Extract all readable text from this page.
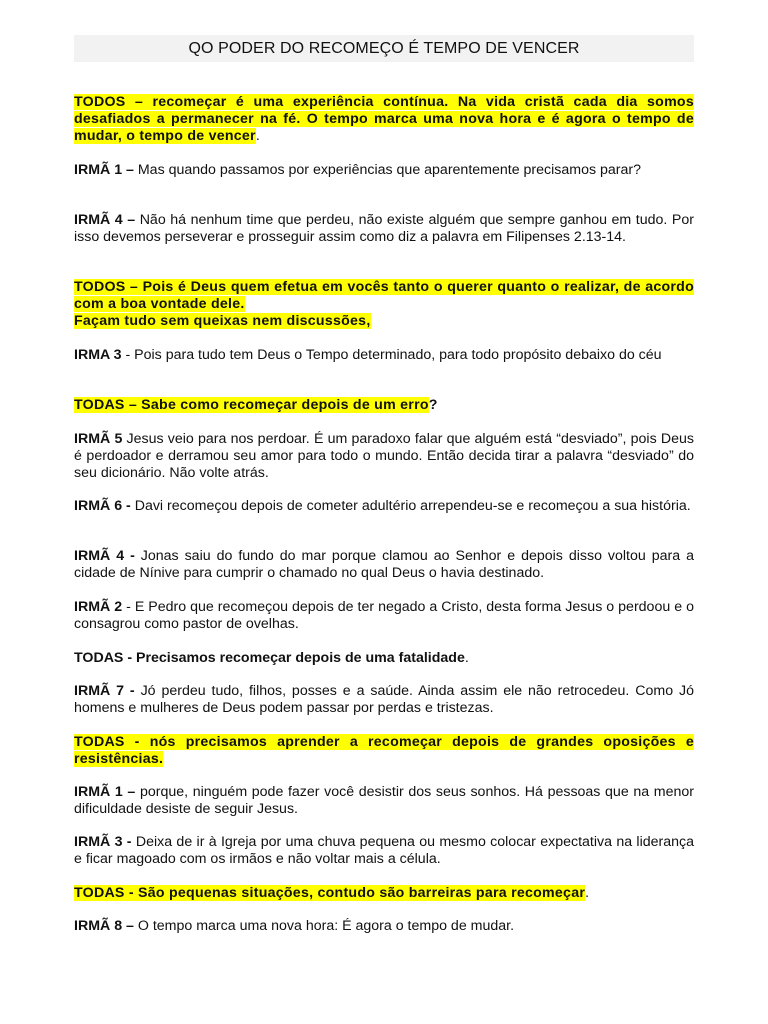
QO PODER DO RECOMEÇO É TEMPO DE VENCER

TODOS – recomeçar é uma experiência contínua. Na vida cristã cada dia somos desafiados a permanecer na fé. O tempo marca uma nova hora e é agora o tempo de mudar, o tempo de vencer.

IRMÃ 1 – Mas quando passamos por experiências que aparentemente precisamos parar?

IRMÃ 4 – Não há nenhum time que perdeu, não existe alguém que sempre ganhou em tudo. Por isso devemos perseverar e prosseguir assim como diz a palavra em Filipenses 2.13-14.

TODOS – Pois é Deus quem efetua em vocês tanto o querer quanto o realizar, de acordo com a boa vontade dele.
Façam tudo sem queixas nem discussões,

IRMA 3 - Pois para tudo tem Deus o Tempo determinado, para todo propósito debaixo do céu

TODAS – Sabe como recomeçar depois de um erro?

IRMÃ 5 Jesus veio para nos perdoar. É um paradoxo falar que alguém está “desviado”, pois Deus é perdoador e derramou seu amor para todo o mundo. Então decida tirar a palavra “desviado” do seu dicionário. Não volte atrás.

IRMÃ 6 - Davi recomeçou depois de cometer adultério arrependeu-se e recomeçou a sua história.

IRMÃ 4 - Jonas saiu do fundo do mar porque clamou ao Senhor e depois disso voltou para a cidade de Nínive para cumprir o chamado no qual Deus o havia destinado.

IRMÃ 2 - E Pedro que recomeçou depois de ter negado a Cristo, desta forma Jesus o perdoou e o consagrou como pastor de ovelhas.

TODAS - Precisamos recomeçar depois de uma fatalidade.

IRMÃ 7 - Jó perdeu tudo, filhos, posses e a saúde. Ainda assim ele não retrocedeu. Como Jó homens e mulheres de Deus podem passar por perdas e tristezas.

TODAS - nós precisamos aprender a recomeçar depois de grandes oposições e resistências.

IRMÃ 1 – porque, ninguém pode fazer você desistir dos seus sonhos. Há pessoas que na menor dificuldade desiste de seguir Jesus.

IRMÃ 3 - Deixa de ir à Igreja por uma chuva pequena ou mesmo colocar expectativa na liderança e ficar magoado com os irmãos e não voltar mais a célula.

TODAS - São pequenas situações, contudo são barreiras para recomeçar.

IRMÃ 8 – O tempo marca uma nova hora: É agora o tempo de mudar.
